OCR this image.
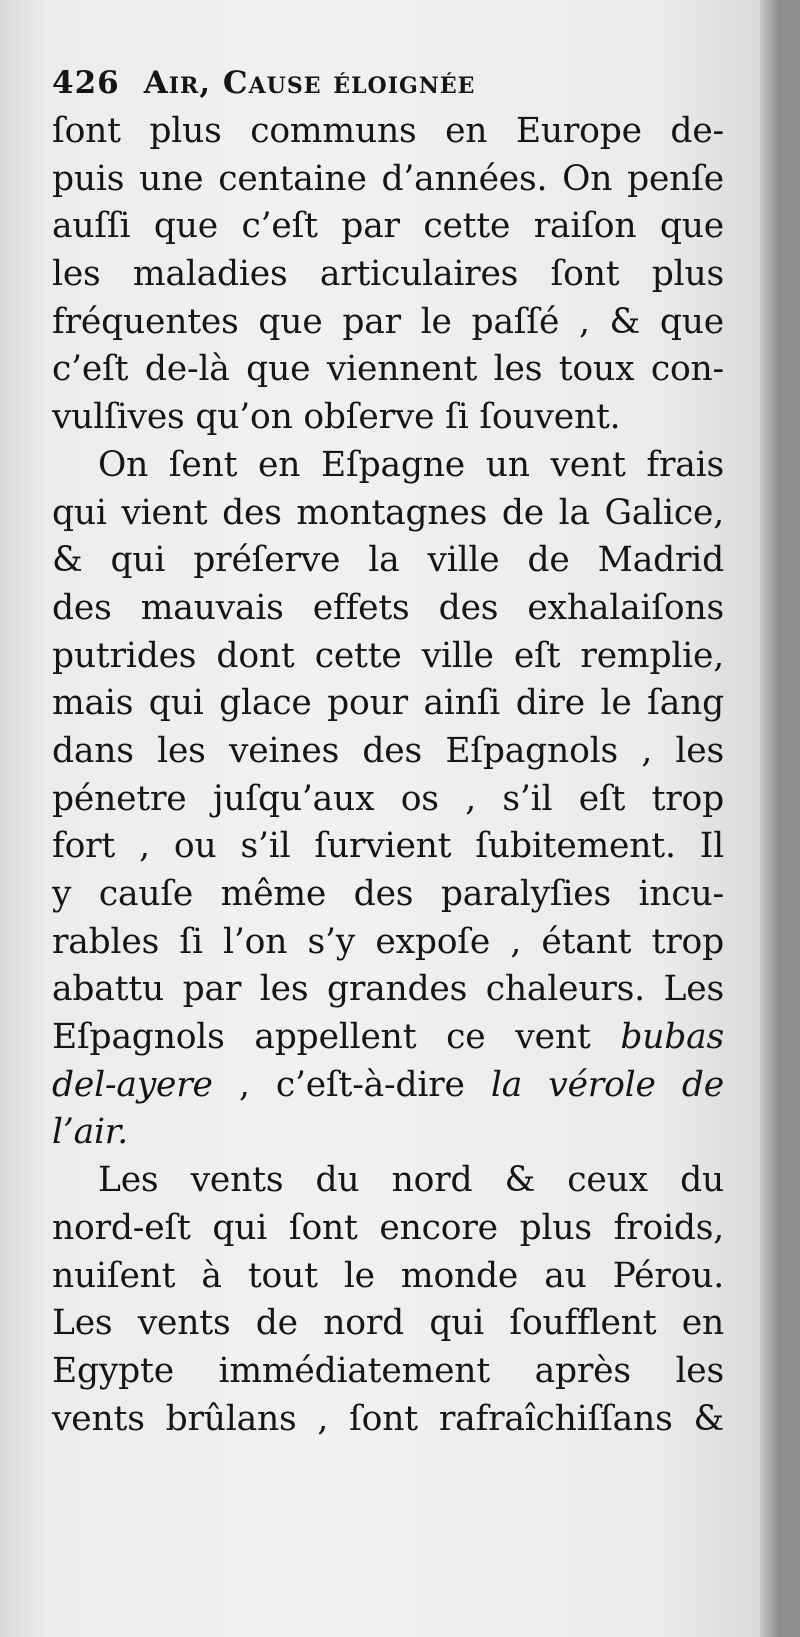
426 Air, Cause éloignée
ſont plus communs en Europe de-
puis une centaine d’années. On penſe
auſſi que c’eſt par cette raiſon que
les maladies articulaires ſont plus
fréquentes que par le paſſé , & que
c’eſt de-là que viennent les toux con-
vulſives qu’on obſerve ſi ſouvent.
On ſent en Eſpagne un vent frais
qui vient des montagnes de la Galice,
& qui préſerve la ville de Madrid
des mauvais effets des exhalaiſons
putrides dont cette ville eſt remplie,
mais qui glace pour ainſi dire le ſang
dans les veines des Eſpagnols , les
pénetre juſqu’aux os , s’il eſt trop
fort , ou s’il ſurvient ſubitement. Il
y cauſe même des paralyſies incu-
rables ſi l’on s’y expoſe , étant trop
abattu par les grandes chaleurs. Les
Eſpagnols appellent ce vent bubas
del-ayere , c’eſt-à-dire la vérole de
l’air.
Les vents du nord & ceux du
nord-eſt qui ſont encore plus froids,
nuiſent à tout le monde au Pérou.
Les vents de nord qui ſoufflent en
Egypte immédiatement après les
vents brûlans , ſont rafraîchiſſans &
